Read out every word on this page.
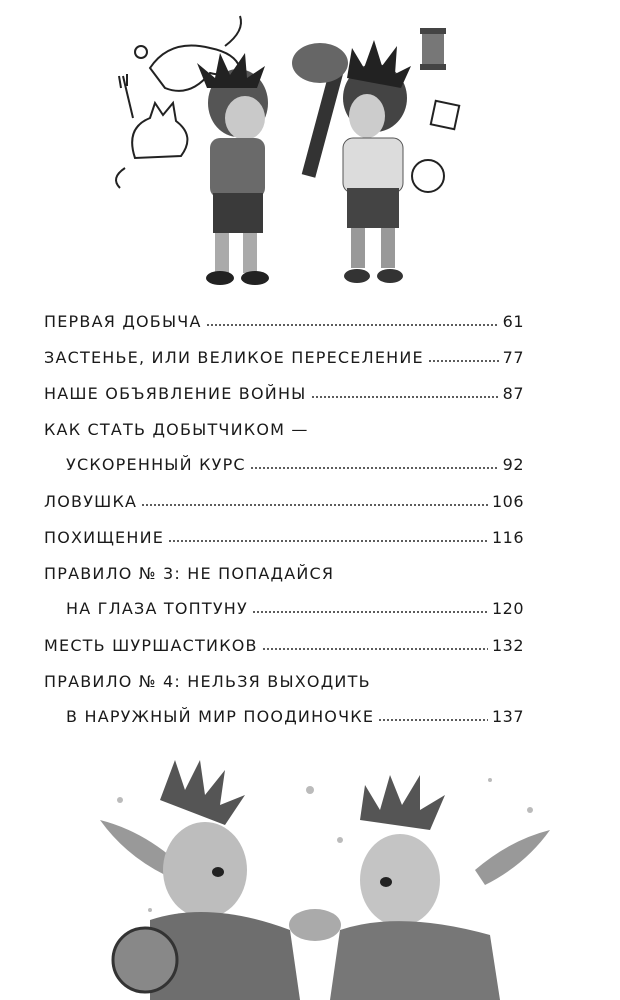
ПЕРВАЯ ДОБЫЧА	61
ЗАСТЕНЬЕ, ИЛИ ВЕЛИКОЕ ПЕРЕСЕЛЕНИЕ	77
НАШЕ ОБЪЯВЛЕНИЕ ВОЙНЫ	87
КАК СТАТЬ ДОБЫТЧИКОМ —
УСКОРЕННЫЙ КУРС	92
ЛОВУШКА	106
ПОХИЩЕНИЕ	116
ПРАВИЛО № 3: НЕ ПОПАДАЙСЯ
НА ГЛАЗА ТОПТУНУ	120
МЕСТЬ ШУРШАСТИКОВ	132
ПРАВИЛО № 4: НЕЛЬЗЯ ВЫХОДИТЬ
В НАРУЖНЫЙ МИР ПООДИНОЧКЕ	137
